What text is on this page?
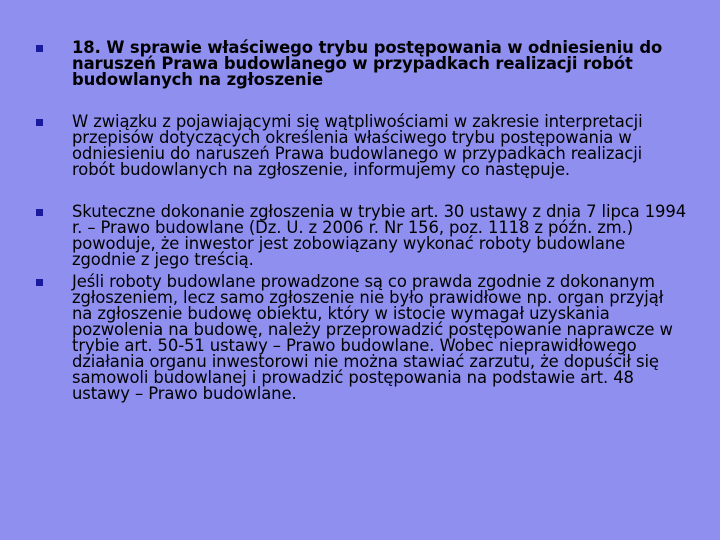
18. W sprawie właściwego trybu postępowania w odniesieniu do naruszeń Prawa budowlanego w przypadkach realizacji robót budowlanych na zgłoszenie
W związku z pojawiającymi się wątpliwościami w zakresie interpretacji przepisów dotyczących określenia właściwego trybu postępowania w odniesieniu do naruszeń Prawa budowlanego w przypadkach realizacji robót budowlanych na zgłoszenie, informujemy co następuje.
Skuteczne dokonanie zgłoszenia w trybie art. 30 ustawy z dnia 7 lipca 1994 r. – Prawo budowlane (Dz. U. z 2006 r. Nr 156, poz. 1118 z późn. zm.) powoduje, że inwestor jest zobowiązany wykonać roboty budowlane zgodnie z jego treścią.
Jeśli roboty budowlane prowadzone są co prawda zgodnie z dokonanym zgłoszeniem, lecz samo zgłoszenie nie było prawidłowe np. organ przyjął na zgłoszenie budowę obiektu, który w istocie wymagał uzyskania pozwolenia na budowę, należy przeprowadzić postępowanie naprawcze w trybie art. 50-51 ustawy – Prawo budowlane. Wobec nieprawidłowego działania organu inwestorowi nie można stawiać zarzutu, że dopuścił się samowoli budowlanej i prowadzić postępowania na podstawie art. 48 ustawy – Prawo budowlane.
